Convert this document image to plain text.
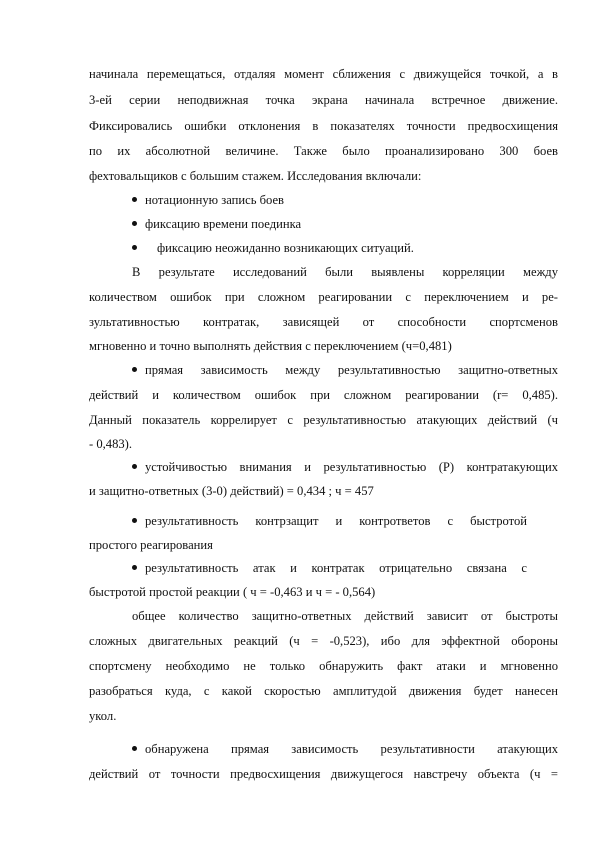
начинала перемещаться, отдаляя момент сближения с движущейся точкой, а в
3-ей серии неподвижная точка экрана начинала встречное движение.
Фиксировались ошибки отклонения в показателях точности предвосхищения
по их абсолютной величине. Также было проанализировано 300 боев
фехтовальщиков с большим стажем. Исследования включали:
нотационную запись боев
фиксацию времени поединка
фиксацию неожиданно возникающих ситуаций.
В результате исследований были выявлены корреляции между
количеством ошибок при сложном реагировании с переключением и ре-
зультативностью контратак, зависящей от способности спортсменов
мгновенно и точно выполнять действия с переключением (ч=0,481)
прямая зависимость между результативностью защитно-ответных
действий и количеством ошибок при сложном реагировании (r= 0,485).
Данный показатель коррелирует с результативностью атакующих действий (ч
- 0,483).
устойчивостью внимания и результативностью (Р) контратакующих
и защитно-ответных (3-0) действий) = 0,434 ; ч = 457
результативность контрзащит и контрответов с быстротой
простого реагирования
результативность атак и контратак отрицательно связана с
быстротой простой реакции ( ч = -0,463 и ч = - 0,564)
общее количество защитно-ответных действий зависит от быстроты
сложных двигательных реакций (ч = -0,523), ибо для эффектной обороны
спортсмену необходимо не только обнаружить факт атаки и мгновенно
разобраться куда, с какой скоростью амплитудой движения будет нанесен
укол.
обнаружена прямая зависимость результативности атакующих
действий от точности предвосхищения движущегося навстречу объекта (ч =
